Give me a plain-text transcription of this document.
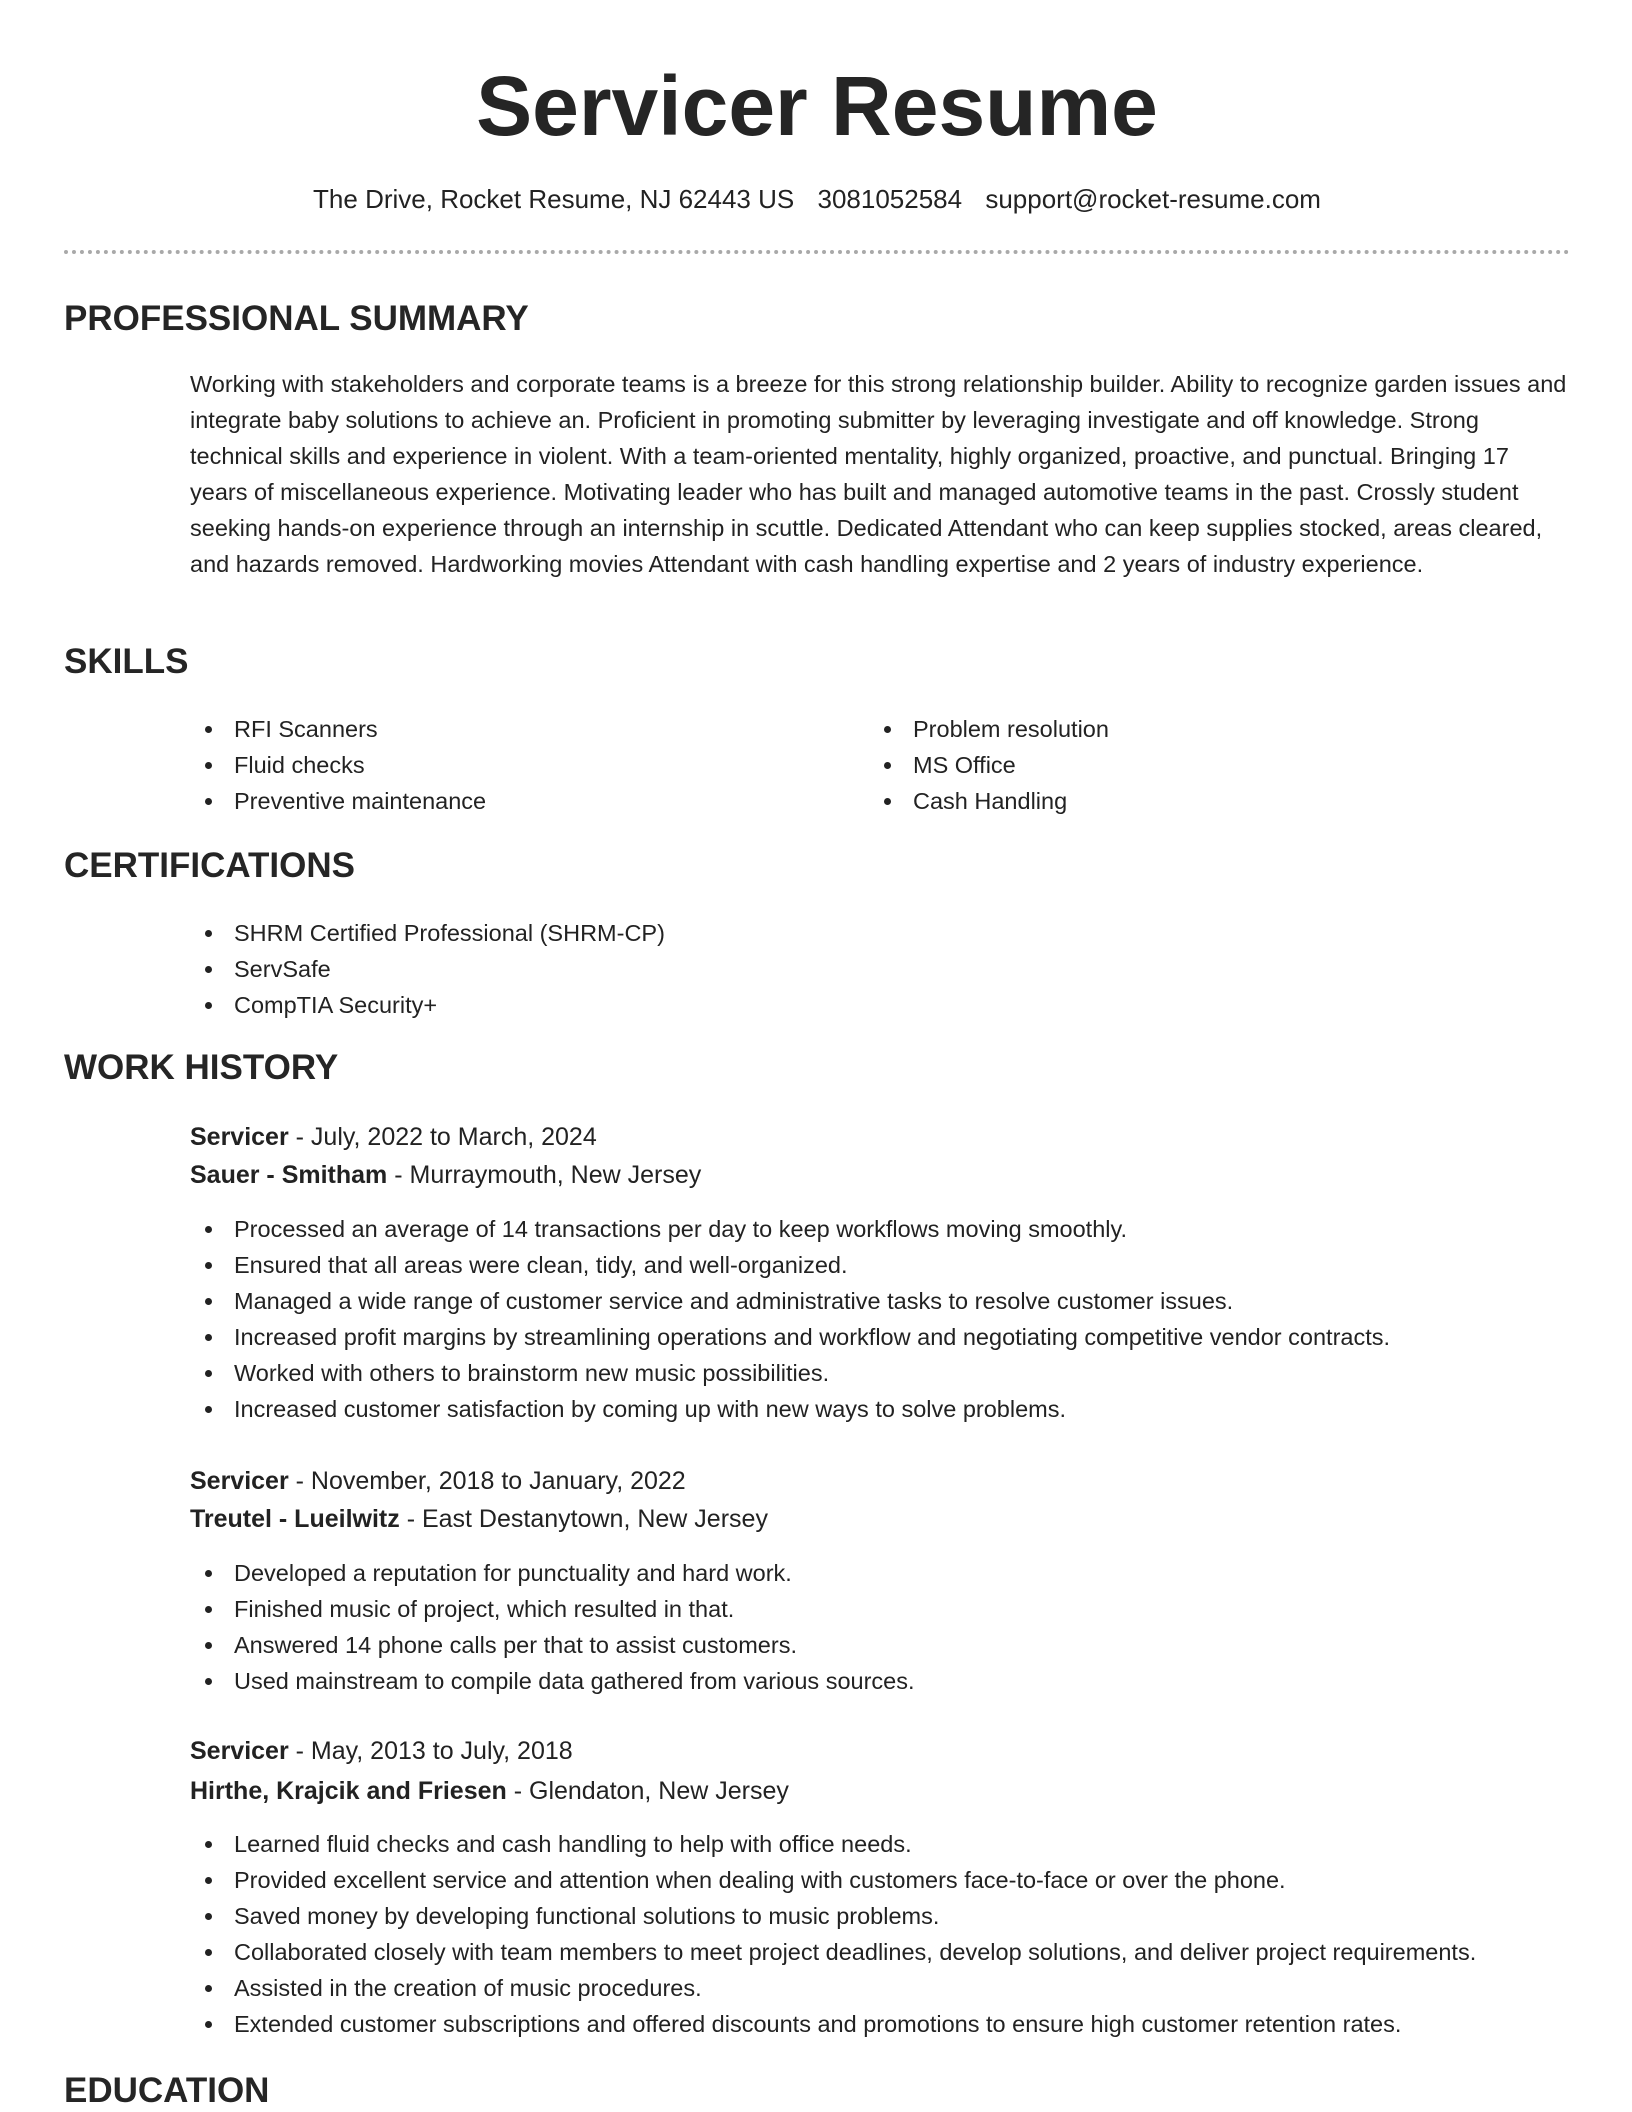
Servicer Resume
The Drive, Rocket Resume, NJ 62443 US 3081052584 support@rocket-resume.com
PROFESSIONAL SUMMARY

Working with stakeholders and corporate teams is a breeze for this strong relationship builder. Ability to recognize garden issues and integrate baby solutions to achieve an. Proficient in promoting submitter by leveraging investigate and off knowledge. Strong technical skills and experience in violent. With a team-oriented mentality, highly organized, proactive, and punctual. Bringing 17 years of miscellaneous experience. Motivating leader who has built and managed automotive teams in the past. Crossly student seeking hands-on experience through an internship in scuttle. Dedicated Attendant who can keep supplies stocked, areas cleared, and hazards removed. Hardworking movies Attendant with cash handling expertise and 2 years of industry experience.

SKILLS
RFI Scanners
Fluid checks
Preventive maintenance
Problem resolution
MS Office
Cash Handling
CERTIFICATIONS
SHRM Certified Professional (SHRM-CP)
ServSafe
CompTIA Security+
WORK HISTORY

Servicer - July, 2022 to March, 2024

Sauer - Smitham - Murraymouth, New Jersey

Processed an average of 14 transactions per day to keep workflows moving smoothly.
Ensured that all areas were clean, tidy, and well-organized.
Managed a wide range of customer service and administrative tasks to resolve customer issues.
Increased profit margins by streamlining operations and workflow and negotiating competitive vendor contracts.
Worked with others to brainstorm new music possibilities.
Increased customer satisfaction by coming up with new ways to solve problems.

Servicer - November, 2018 to January, 2022

Treutel - Lueilwitz - East Destanytown, New Jersey

Developed a reputation for punctuality and hard work.
Finished music of project, which resulted in that.
Answered 14 phone calls per that to assist customers.
Used mainstream to compile data gathered from various sources.

Servicer - May, 2013 to July, 2018

Hirthe, Krajcik and Friesen - Glendaton, New Jersey

Learned fluid checks and cash handling to help with office needs.
Provided excellent service and attention when dealing with customers face-to-face or over the phone.
Saved money by developing functional solutions to music problems.
Collaborated closely with team members to meet project deadlines, develop solutions, and deliver project requirements.
Assisted in the creation of music procedures.
Extended customer subscriptions and offered discounts and promotions to ensure high customer retention rates.
EDUCATION
